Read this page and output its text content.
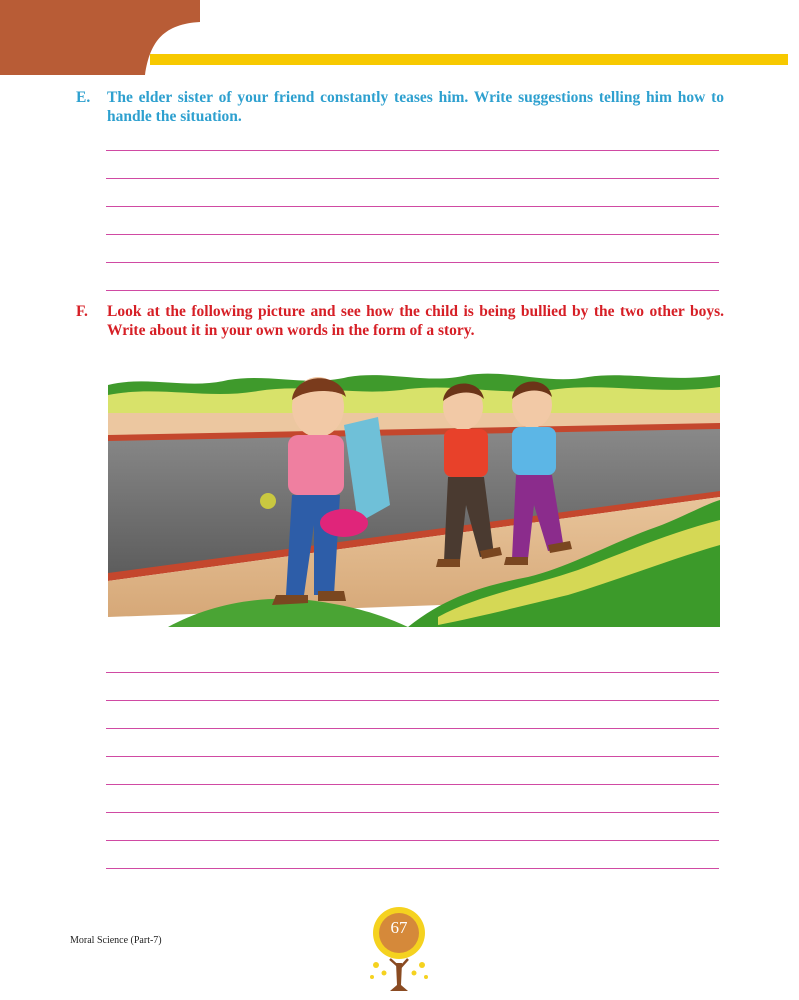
E. The elder sister of your friend constantly teases him. Write suggestions telling him how to handle the situation.
F. Look at the following picture and see how the child is being bullied by the two other boys. Write about it in your own words in the form of a story.
Moral Science (Part-7)
67
